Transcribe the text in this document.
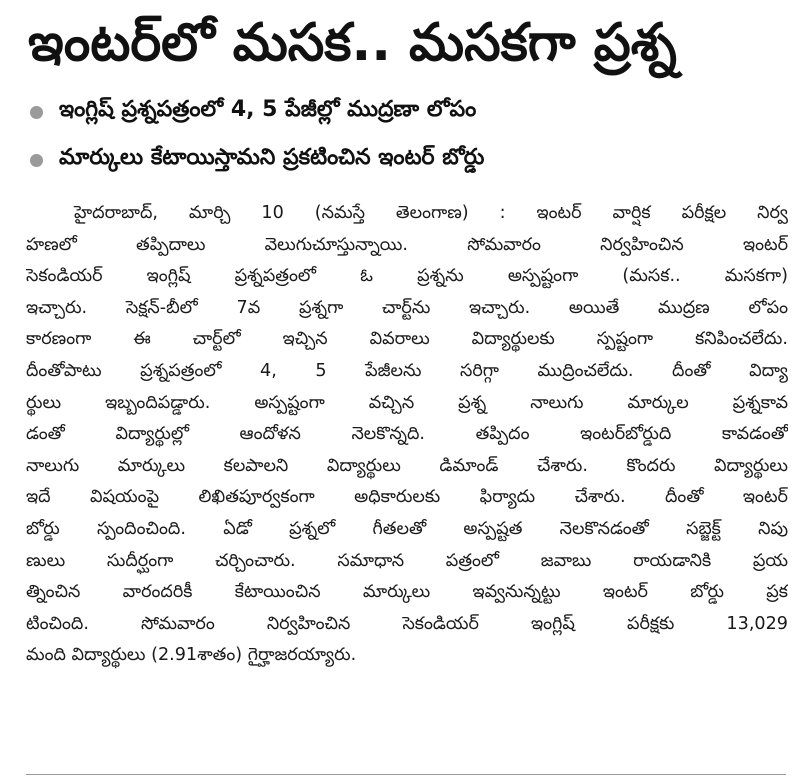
ఇంటర్‌లో మసక.. మసకగా ప్రశ్న
ఇంగ్లిష్ ప్రశ్నపత్రంలో 4, 5 పేజీల్లో ముద్రణా లోపం
మార్కులు కేటాయిస్తామని ప్రకటించిన ఇంటర్ బోర్డు
హైదరాబాద్, మార్చి 10 (నమస్తే తెలంగాణ) : ఇంటర్ వార్షిక పరీక్షల నిర్వ
హణలో తప్పిదాలు వెలుగుచూస్తున్నాయి. సోమవారం నిర్వహించిన ఇంటర్
సెకండియర్ ఇంగ్లిష్ ప్రశ్నపత్రంలో ఓ ప్రశ్నను అస్పష్టంగా (మసక.. మసకగా)
ఇచ్చారు. సెక్షన్-బీలో 7వ ప్రశ్నగా చార్ట్‌ను ఇచ్చారు. అయితే ముద్రణ లోపం
కారణంగా ఈ చార్ట్‌లో ఇచ్చిన వివరాలు విద్యార్థులకు స్పష్టంగా కనిపించలేదు.
దీంతోపాటు ప్రశ్నపత్రంలో 4, 5 పేజీలను సరిగ్గా ముద్రించలేదు. దీంతో విద్యా
ర్థులు ఇబ్బందిపడ్డారు. అస్పష్టంగా వచ్చిన ప్రశ్న నాలుగు మార్కుల ప్రశ్నకావ
డంతో విద్యార్థుల్లో ఆందోళన నెలకొన్నది. తప్పిదం ఇంటర్‌బోర్డుది కావడంతో
నాలుగు మార్కులు కలపాలని విద్యార్థులు డిమాండ్ చేశారు. కొందరు విద్యార్థులు
ఇదే విషయంపై లిఖితపూర్వకంగా అధికారులకు ఫిర్యాదు చేశారు. దీంతో ఇంటర్
బోర్డు స్పందించింది. ఏడో ప్రశ్నలో గీతలతో అస్పష్టత నెలకొనడంతో సబ్జెక్ట్ నిపు
ణులు సుదీర్ఘంగా చర్చించారు. సమాధాన పత్రంలో జవాబు రాయడానికి ప్రయ
త్నించిన వారందరికీ కేటాయించిన మార్కులు ఇవ్వనున్నట్టు ఇంటర్ బోర్డు ప్రక
టించింది. సోమవారం నిర్వహించిన సెకండియర్ ఇంగ్లిష్ పరీక్షకు 13,029
మంది విద్యార్థులు (2.91శాతం) గైర్హాజరయ్యారు.
